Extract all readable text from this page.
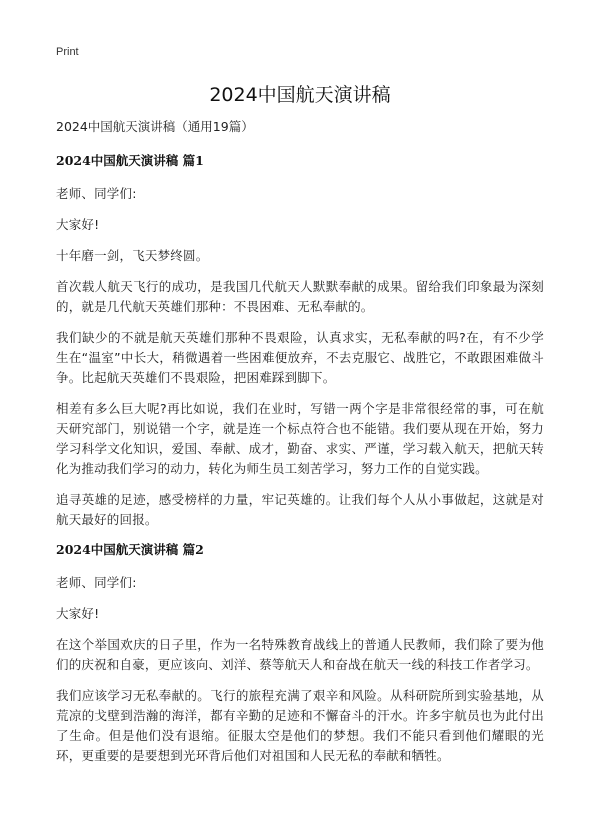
Print
2024中国航天演讲稿
2024中国航天演讲稿（通用19篇）
2024中国航天演讲稿 篇1

老师、同学们:

大家好!

十年磨一剑，飞天梦终圆。

首次载人航天飞行的成功，是我国几代航天人默默奉献的成果。留给我们印象最为深刻的，就是几代航天英雄们那种：不畏困难、无私奉献的。

我们缺少的不就是航天英雄们那种不畏艰险，认真求实，无私奉献的吗?在，有不少学生在“温室”中长大，稍微遇着一些困难便放弃，不去克服它、战胜它，不敢跟困难做斗争。比起航天英雄们不畏艰险，把困难踩到脚下。

相差有多么巨大呢?再比如说，我们在业时，写错一两个字是非常很经常的事，可在航天研究部门，别说错一个字，就是连一个标点符合也不能错。我们要从现在开始，努力学习科学文化知识，爱国、奉献、成才，勤奋、求实、严谨，学习载入航天，把航天转化为推动我们学习的动力，转化为师生员工刻苦学习，努力工作的自觉实践。

追寻英雄的足迹，感受榜样的力量，牢记英雄的。让我们每个人从小事做起，这就是对航天最好的回报。

2024中国航天演讲稿 篇2

老师、同学们:

大家好!

在这个举国欢庆的日子里，作为一名特殊教育战线上的普通人民教师，我们除了要为他们的庆祝和自豪，更应该向、刘洋、蔡等航天人和奋战在航天一线的科技工作者学习。

我们应该学习无私奉献的。飞行的旅程充满了艰辛和风险。从科研院所到实验基地，从荒凉的戈壁到浩瀚的海洋，都有辛勤的足迹和不懈奋斗的汗水。许多宇航员也为此付出了生命。但是他们没有退缩。征服太空是他们的梦想。我们不能只看到他们耀眼的光环，更重要的是要想到光环背后他们对祖国和人民无私的奉献和牺牲。
